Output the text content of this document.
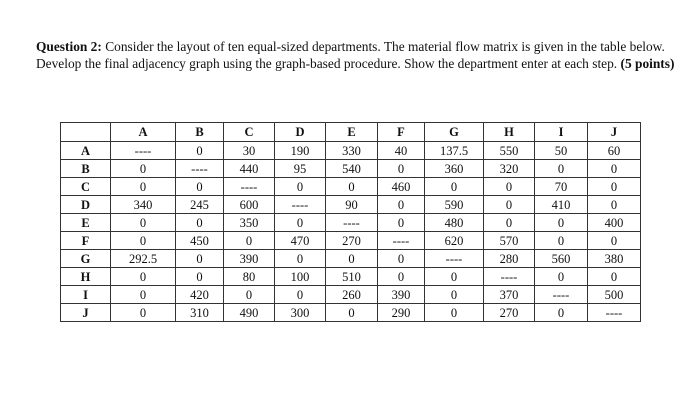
Question 2: Consider the layout of ten equal-sized departments. The material flow matrix is given in the table below. Develop the final adjacency graph using the graph-based procedure. Show the department enter at each step. (5 points)
	A	B	C	D	E	F	G	H	I	J
A	----	0	30	190	330	40	137.5	550	50	60
B	0	----	440	95	540	0	360	320	0	0
C	0	0	----	0	0	460	0	0	70	0
D	340	245	600	----	90	0	590	0	410	0
E	0	0	350	0	----	0	480	0	0	400
F	0	450	0	470	270	----	620	570	0	0
G	292.5	0	390	0	0	0	----	280	560	380
H	0	0	80	100	510	0	0	----	0	0
I	0	420	0	0	260	390	0	370	----	500
J	0	310	490	300	0	290	0	270	0	----
